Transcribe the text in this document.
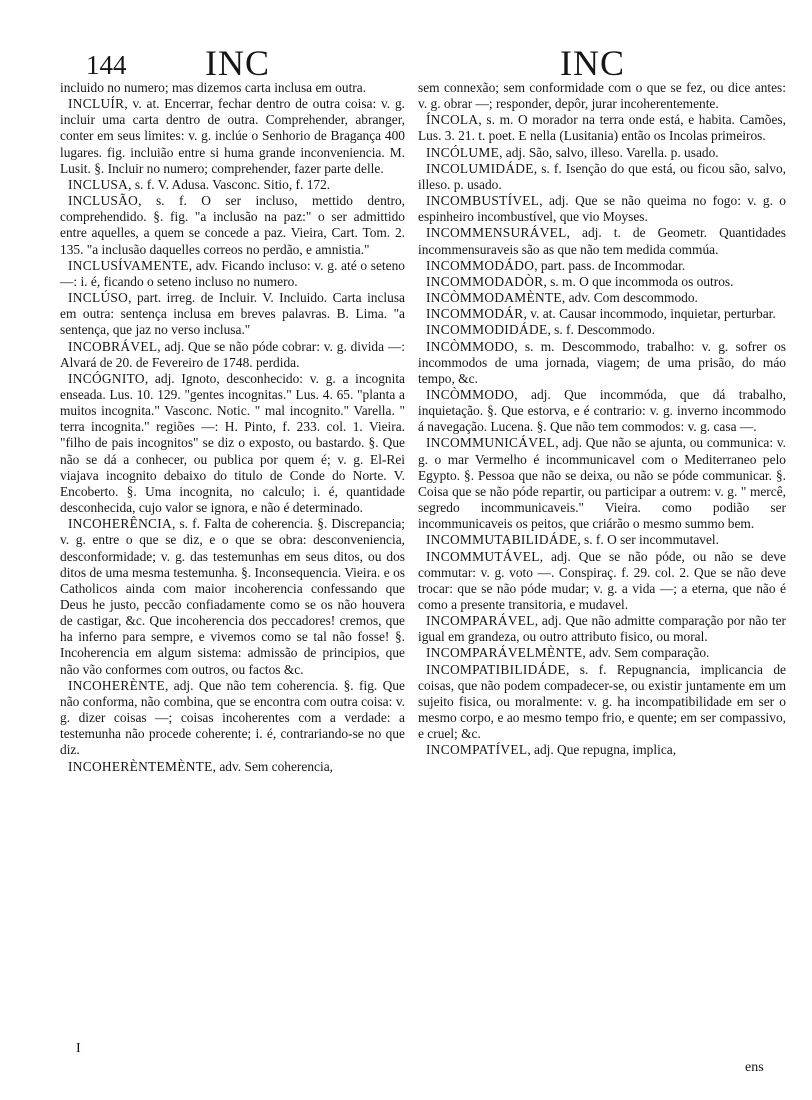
144 INC	INC

incluido no numero; mas dizemos carta inclusa em outra.

INCLUÍR, v. at. Encerrar, fechar dentro de outra coisa: v. g. incluir uma carta dentro de outra. Comprehender, abranger, conter em seus limites: v. g. inclúe o Senhorio de Bragança 400 lugares. fig. incluião entre si huma grande inconveniencia. M. Lusit. §. Incluir no numero; comprehender, fazer parte delle.

INCLUSA, s. f. V. Adusa. Vasconc. Sitio, f. 172.

INCLUSÃO, s. f. O ser incluso, mettido dentro, comprehendido. §. fig. "a inclusão na paz:" o ser admittido entre aquelles, a quem se concede a paz. Vieira, Cart. Tom. 2. 135. "a inclusão daquelles correos no perdão, e amnistia."

INCLUSÍVAMENTE, adv. Ficando incluso: v. g. até o seteno —: i. é, ficando o seteno incluso no numero.

INCLÚSO, part. irreg. de Incluir. V. Incluido. Carta inclusa em outra: sentença inclusa em breves palavras. B. Lima. "a sentença, que jaz no verso inclusa."

INCOBRÁVEL, adj. Que se não póde cobrar: v. g. divida —: Alvará de 20. de Fevereiro de 1748. perdida.

INCÓGNITO, adj. Ignoto, desconhecido: v. g. a incognita enseada. Lus. 10. 129. "gentes incognitas." Lus. 4. 65. "planta a muitos incognita." Vasconc. Notic. " mal incognito." Varella. " terra incognita." regiões —: H. Pinto, f. 233. col. 1. Vieira. "filho de pais incognitos" se diz o exposto, ou bastardo. §. Que não se dá a conhecer, ou publica por quem é; v. g. El-Rei viajava incognito debaixo do titulo de Conde do Norte. V. Encoberto. §. Uma incognita, no calculo; i. é, quantidade desconhecida, cujo valor se ignora, e não é determinado.

INCOHERÊNCIA, s. f. Falta de coherencia. §. Discrepancia; v. g. entre o que se diz, e o que se obra: desconveniencia, desconformidade; v. g. das testemunhas em seus ditos, ou dos ditos de uma mesma testemunha. §. Inconsequencia. Vieira. e os Catholicos ainda com maior incoherencia confessando que Deus he justo, peccão confiadamente como se os não houvera de castigar, &c. Que incoherencia dos peccadores! cremos, que ha inferno para sempre, e vivemos como se tal não fosse! §. Incoherencia em algum sistema: admissão de principios, que não vão conformes com outros, ou factos &c.

INCOHERÈNTE, adj. Que não tem coherencia. §. fig. Que não conforma, não combina, que se encontra com outra coisa: v. g. dizer coisas —; coisas incoherentes com a verdade: a testemunha não procede coherente; i. é, contrariando-se no que diz.

INCOHERÈNTEMÈNTE, adv. Sem coherencia,

sem connexão; sem conformidade com o que se fez, ou dice antes: v. g. obrar —; responder, depôr, jurar incoherentemente.

ÍNCOLA, s. m. O morador na terra onde está, e habita. Camões, Lus. 3. 21. t. poet. E nella (Lusitania) então os Incolas primeiros.

INCÓLUME, adj. São, salvo, illeso. Varella. p. usado.

INCOLUMIDÁDE, s. f. Isenção do que está, ou ficou são, salvo, illeso. p. usado.

INCOMBUSTÍVEL, adj. Que se não queima no fogo: v. g. o espinheiro incombustível, que vio Moyses.

INCOMMENSURÁVEL, adj. t. de Geometr. Quantidades incommensuraveis são as que não tem medida commúa.

INCOMMODÁDO, part. pass. de Incommodar.

INCOMMODADÒR, s. m. O que incommoda os outros.

INCÒMMODAMÈNTE, adv. Com descommodo.

INCOMMODÁR, v. at. Causar incommodo, inquietar, perturbar.

INCOMMODIDÁDE, s. f. Descommodo.

INCÒMMODO, s. m. Descommodo, trabalho: v. g. sofrer os incommodos de uma jornada, viagem; de uma prisão, do máo tempo, &c.

INCÒMMODO, adj. Que incommóda, que dá trabalho, inquietação. §. Que estorva, e é contrario: v. g. inverno incommodo á navegação. Lucena. §. Que não tem commodos: v. g. casa —.

INCOMMUNICÁVEL, adj. Que não se ajunta, ou communica: v. g. o mar Vermelho é incommunicavel com o Mediterraneo pelo Egypto. §. Pessoa que não se deixa, ou não se póde communicar. §. Coisa que se não póde repartir, ou participar a outrem: v. g. " mercê, segredo incommunicaveis." Vieira. como podião ser incommunicaveis os peitos, que criárão o mesmo summo bem.

INCOMMUTABILIDÁDE, s. f. O ser incommutavel.

INCOMMUTÁVEL, adj. Que se não póde, ou não se deve commutar: v. g. voto —. Conspiraç. f. 29. col. 2. Que se não deve trocar: que se não póde mudar; v. g. a vida —; a eterna, que não é como a presente transitoria, e mudavel.

INCOMPARÁVEL, adj. Que não admitte comparação por não ter igual em grandeza, ou outro attributo fisico, ou moral.

INCOMPARÁVELMÈNTE, adv. Sem comparação.

INCOMPATIBILIDÁDE, s. f. Repugnancia, implicancia de coisas, que não podem compadecer-se, ou existir juntamente em um sujeito fisica, ou moralmente: v. g. ha incompatibilidade em ser o mesmo corpo, e ao mesmo tempo frio, e quente; em ser compassivo, e cruel; &c.

INCOMPATÍVEL, adj. Que repugna, implica,

I
ens
